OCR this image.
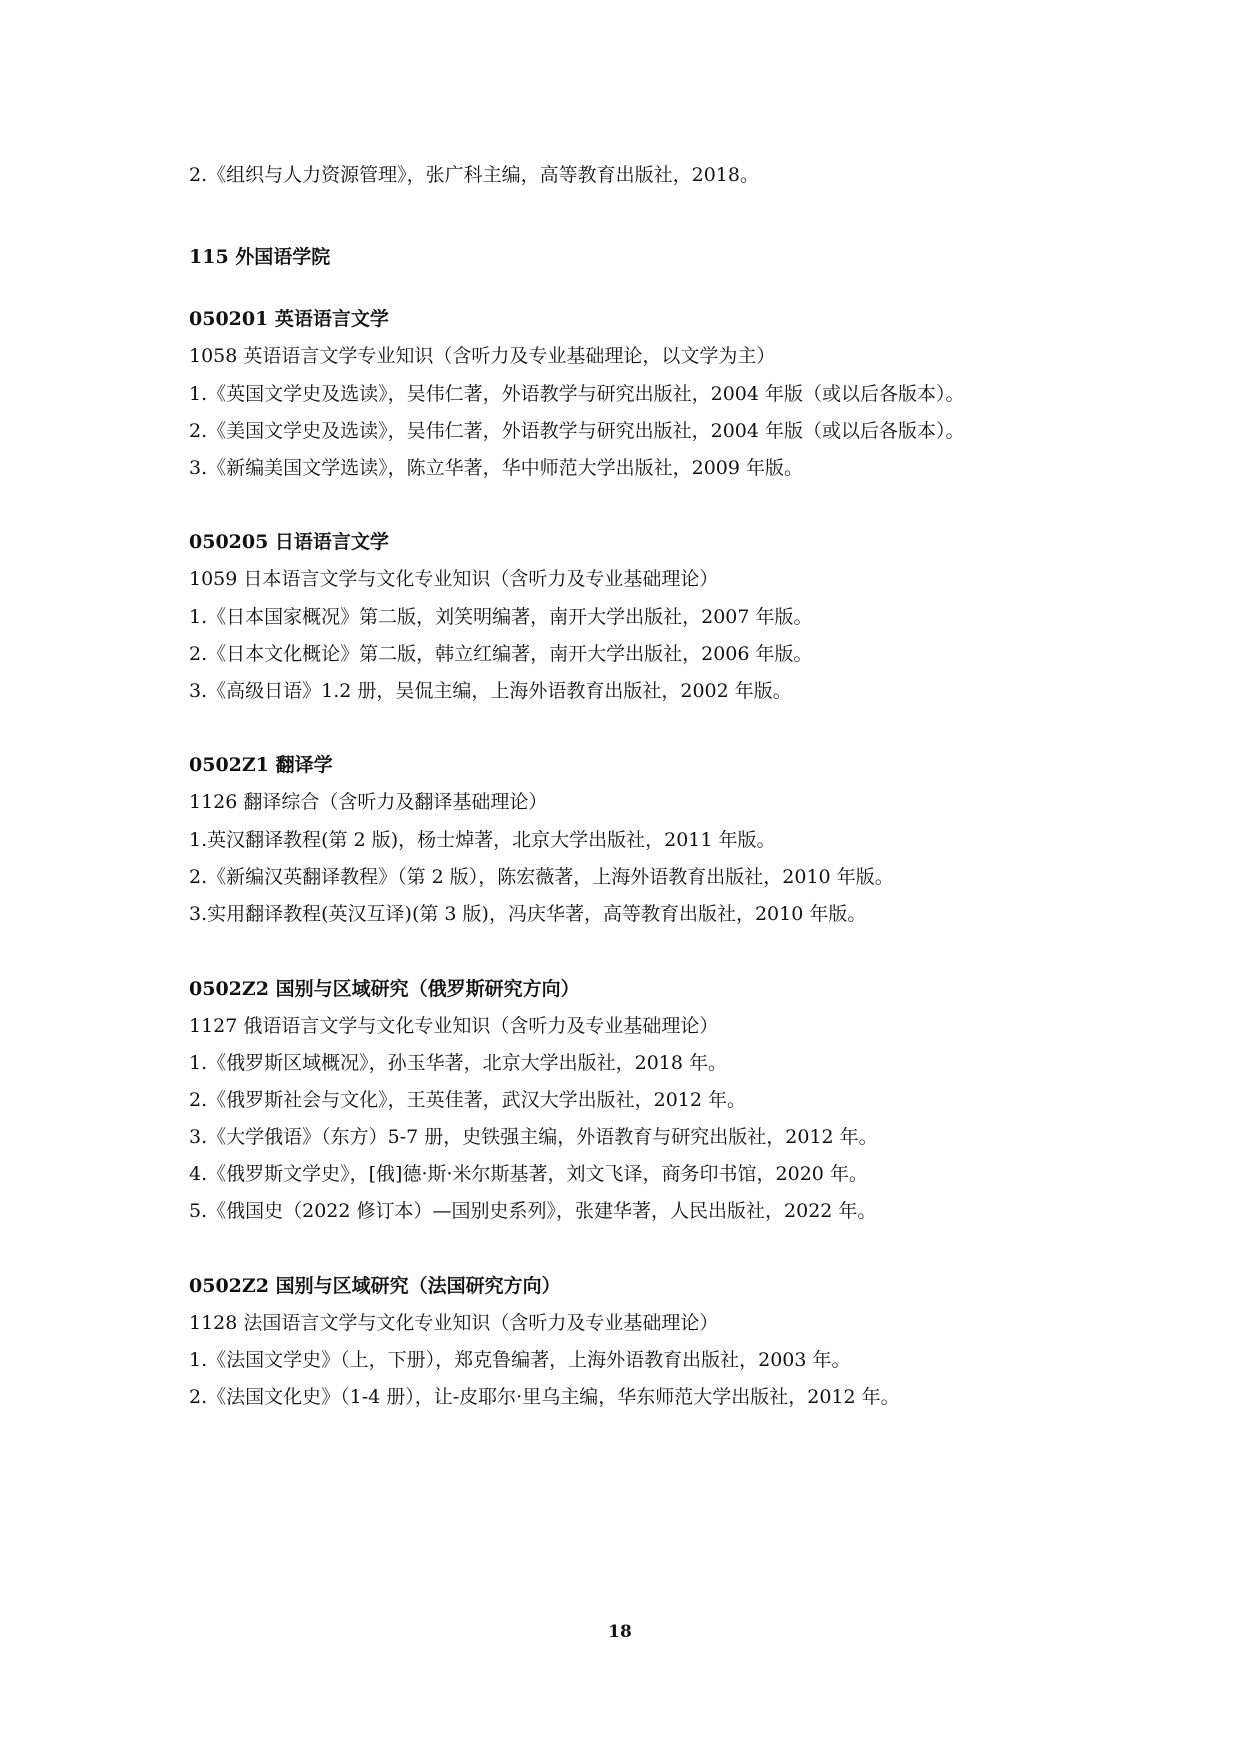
2.《组织与人力资源管理》，张广科主编，高等教育出版社，2018。
115 外国语学院
050201 英语语言文学
1058 英语语言文学专业知识（含听力及专业基础理论，以文学为主）
1.《英国文学史及选读》，吴伟仁著，外语教学与研究出版社，2004 年版（或以后各版本）。
2.《美国文学史及选读》，吴伟仁著，外语教学与研究出版社，2004 年版（或以后各版本）。
3.《新编美国文学选读》，陈立华著，华中师范大学出版社，2009 年版。
050205 日语语言文学
1059 日本语言文学与文化专业知识（含听力及专业基础理论）
1.《日本国家概况》第二版，刘笑明编著，南开大学出版社，2007 年版。
2.《日本文化概论》第二版，韩立红编著，南开大学出版社，2006 年版。
3.《高级日语》1.2 册，吴侃主编，上海外语教育出版社，2002 年版。
0502Z1 翻译学
1126 翻译综合（含听力及翻译基础理论）
1.英汉翻译教程(第 2 版)，杨士焯著，北京大学出版社，2011 年版。
2.《新编汉英翻译教程》（第 2 版），陈宏薇著，上海外语教育出版社，2010 年版。
3.实用翻译教程(英汉互译)(第 3 版)，冯庆华著，高等教育出版社，2010 年版。
0502Z2 国别与区域研究（俄罗斯研究方向）
1127 俄语语言文学与文化专业知识（含听力及专业基础理论）
1.《俄罗斯区域概况》，孙玉华著，北京大学出版社，2018 年。
2.《俄罗斯社会与文化》，王英佳著，武汉大学出版社，2012 年。
3.《大学俄语》（东方）5-7 册，史铁强主编，外语教育与研究出版社，2012 年。
4.《俄罗斯文学史》，[俄]德·斯·米尔斯基著，刘文飞译，商务印书馆，2020 年。
5.《俄国史（2022 修订本）—国别史系列》，张建华著，人民出版社，2022 年。
0502Z2 国别与区域研究（法国研究方向）
1128 法国语言文学与文化专业知识（含听力及专业基础理论）
1.《法国文学史》（上，下册），郑克鲁编著，上海外语教育出版社，2003 年。
2.《法国文化史》（1-4 册），让-皮耶尔·里乌主编，华东师范大学出版社，2012 年。
18
